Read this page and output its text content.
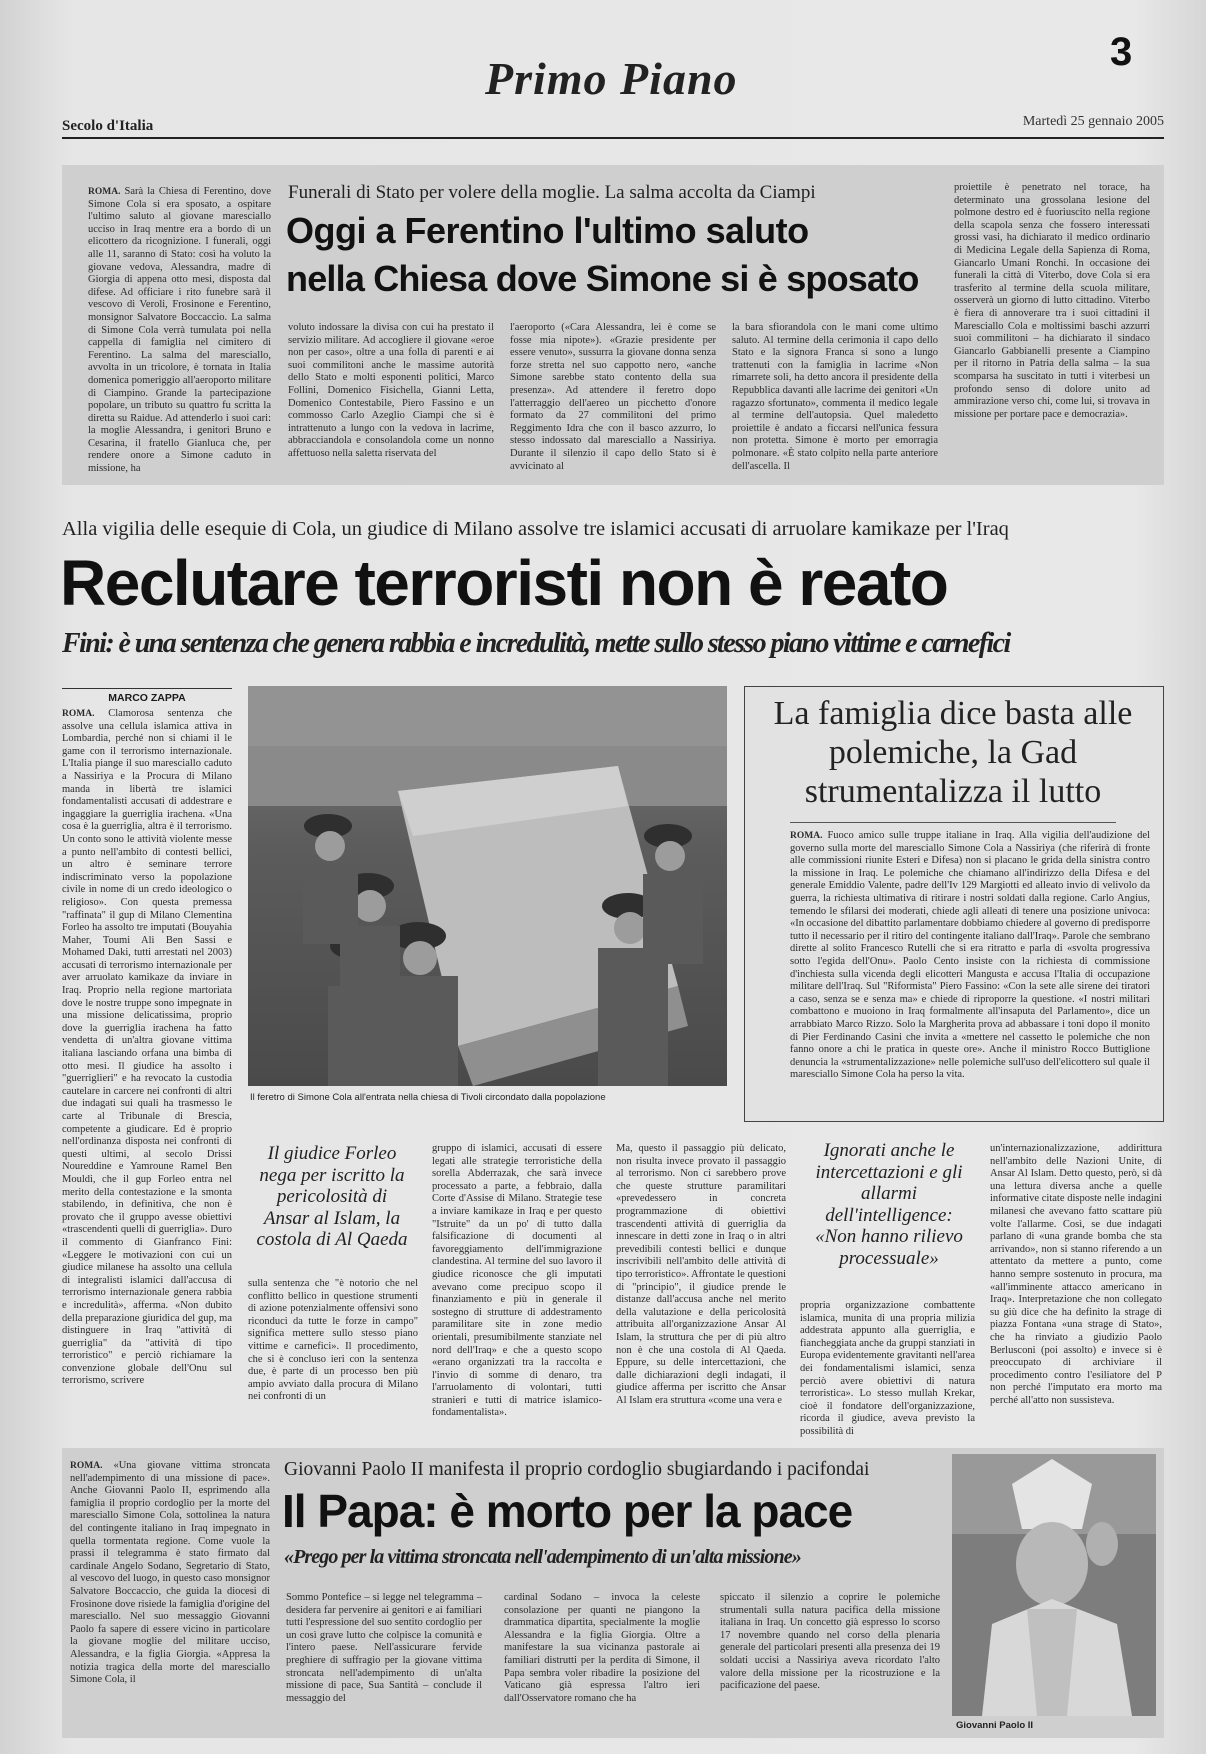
3
Primo Piano
Secolo d'Italia	Martedì 25 gennaio 2005
ROMA. Sarà la Chiesa di Ferentino, dove Simone Cola si era sposato, a ospitare l'ultimo saluto al giovane maresciallo ucciso in Iraq mentre era a bordo di un elicottero da ricognizione. I funerali, oggi alle 11, saranno di Stato: così ha voluto la giovane vedova, Alessandra, madre di Giorgia di appena otto mesi, disposta dal difese. Ad officiare i rito funebre sarà il vescovo di Veroli, Frosinone e Ferentino, monsignor Salvatore Boccaccio. La salma di Simone Cola verrà tumulata poi nella cappella di famiglia nel cimitero di Ferentino. La salma del maresciallo, avvolta in un tricolore, è tornata in Italia domenica pomeriggio all'aeroporto militare di Ciampino. Grande la partecipazione popolare, un tributo su quattro fu scritta la diretta su Raidue. Ad attenderlo i suoi cari: la moglie Alessandra, i genitori Bruno e Cesarina, il fratello Gianluca che, per rendere onore a Simone caduto in missione, ha
Funerali di Stato per volere della moglie. La salma accolta da Ciampi
Oggi a Ferentino l'ultimo saluto
nella Chiesa dove Simone si è sposato
voluto indossare la divisa con cui ha prestato il servizio militare. Ad accogliere il giovane «eroe non per caso», oltre a una folla di parenti e ai suoi commilitoni anche le massime autorità dello Stato e molti esponenti politici, Marco Follini, Domenico Fisichella, Gianni Letta, Domenico Contestabile, Piero Fassino e un commosso Carlo Azeglio Ciampi che si è intrattenuto a lungo con la vedova in lacrime, abbracciandola e consolandola come un nonno affettuoso nella saletta riservata del
l'aeroporto («Cara Alessandra, lei è come se fosse mia nipote»). «Grazie presidente per essere venuto», sussurra la giovane donna senza forze stretta nel suo cappotto nero, «anche Simone sarebbe stato contento della sua presenza». Ad attendere il feretro dopo l'atterraggio dell'aereo un picchetto d'onore formato da 27 commilitoni del primo Reggimento Idra che con il basco azzurro, lo stesso indossato dal maresciallo a Nassiriya. Durante il silenzio il capo dello Stato si è avvicinato al
la bara sfiorandola con le mani come ultimo saluto. Al termine della cerimonia il capo dello Stato e la signora Franca si sono a lungo trattenuti con la famiglia in lacrime «Non rimarrete soli, ha detto ancora il presidente della Repubblica davanti alle lacrime dei genitori «Un ragazzo sfortunato», commenta il medico legale al termine dell'autopsia. Quel maledetto proiettile è andato a ficcarsi nell'unica fessura non protetta. Simone è morto per emorragia polmonare. «È stato colpito nella parte anteriore dell'ascella. Il
proiettile è penetrato nel torace, ha determinato una grossolana lesione del polmone destro ed è fuoriuscito nella regione della scapola senza che fossero interessati grossi vasi, ha dichiarato il medico ordinario di Medicina Legale della Sapienza di Roma, Giancarlo Umani Ronchi. In occasione dei funerali la città di Viterbo, dove Cola si era trasferito al termine della scuola militare, osserverà un giorno di lutto cittadino. Viterbo è fiera di annoverare tra i suoi cittadini il Maresciallo Cola e moltissimi baschi azzurri suoi commilitoni – ha dichiarato il sindaco Giancarlo Gabbianelli presente a Ciampino per il ritorno in Patria della salma – la sua scomparsa ha suscitato in tutti i viterbesi un profondo senso di dolore unito ad ammirazione verso chi, come lui, si trovava in missione per portare pace e democrazia».
Alla vigilia delle esequie di Cola, un giudice di Milano assolve tre islamici accusati di arruolare kamikaze per l'Iraq
Reclutare terroristi non è reato
Fini: è una sentenza che genera rabbia e incredulità, mette sullo stesso piano vittime e carnefici
MARCO ZAPPA
ROMA. Clamorosa sentenza che assolve una cellula islamica attiva in Lombardia, perché non si chiami il le game con il terrorismo internazionale. L'Italia piange il suo maresciallo caduto a Nassiriya e la Procura di Milano manda in libertà tre islamici fondamentalisti accusati di addestrare e ingaggiare la guerriglia irachena. «Una cosa è la guerriglia, altra è il terrorismo. Un conto sono le attività violente messe a punto nell'ambito di contesti bellici, un altro è seminare terrore indiscriminato verso la popolazione civile in nome di un credo ideologico o religioso». Con questa premessa "raffinata" il gup di Milano Clementina Forleo ha assolto tre imputati (Bouyahia Maher, Toumi Ali Ben Sassi e Mohamed Daki, tutti arrestati nel 2003) accusati di terrorismo internazionale per aver arruolato kamikaze da inviare in Iraq. Proprio nella regione martoriata dove le nostre truppe sono impegnate in una missione delicatissima, proprio dove la guerriglia irachena ha fatto vendetta di un'altra giovane vittima italiana lasciando orfana una bimba di otto mesi. Il giudice ha assolto i "guerriglieri" e ha revocato la custodia cautelare in carcere nei confronti di altri due indagati sui quali ha trasmesso le carte al Tribunale di Brescia, competente a giudicare. Ed è proprio nell'ordinanza disposta nei confronti di questi ultimi, al secolo Drissi Noureddine e Yamroune Ramel Ben Mouldi, che il gup Forleo entra nel merito della contestazione e la smonta stabilendo, in definitiva, che non è provato che il gruppo avesse obiettivi «trascendenti quelli di guerriglia». Duro il commento di Gianfranco Fini: «Leggere le motivazioni con cui un giudice milanese ha assolto una cellula di integralisti islamici dall'accusa di terrorismo internazionale genera rabbia e incredulità», afferma. «Non dubito della preparazione giuridica del gup, ma distinguere in Iraq "attività di guerriglia" da "attività di tipo terroristico" e perciò richiamare la convenzione globale dell'Onu sul terrorismo, scrivere
Il feretro di Simone Cola all'entrata nella chiesa di Tivoli circondato dalla popolazione
La famiglia dice basta alle polemiche, la Gad strumentalizza il lutto
ROMA. Fuoco amico sulle truppe italiane in Iraq. Alla vigilia dell'audizione del governo sulla morte del maresciallo Simone Cola a Nassiriya (che riferirà di fronte alle commissioni riunite Esteri e Difesa) non si placano le grida della sinistra contro la missione in Iraq. Le polemiche che chiamano all'indirizzo della Difesa e del generale Emiddio Valente, padre dell'Iv 129 Margiotti ed alleato invio di velivolo da guerra, la richiesta ultimativa di ritirare i nostri soldati dalla regione. Carlo Angius, temendo le sfilarsi dei moderati, chiede agli alleati di tenere una posizione univoca: «In occasione del dibattito parlamentare dobbiamo chiedere al governo di predisporre tutto il necessario per il ritiro del contingente italiano dall'Iraq». Parole che sembrano dirette al solito Francesco Rutelli che si era ritratto e parla di «svolta progressiva sotto l'egida dell'Onu». Paolo Cento insiste con la richiesta di commissione d'inchiesta sulla vicenda degli elicotteri Mangusta e accusa l'Italia di occupazione militare dell'Iraq. Sul "Riformista" Piero Fassino: «Con la sete alle sirene dei tiratori a caso, senza se e senza ma» e chiede di riproporre la questione. «I nostri militari combattono e muoiono in Iraq formalmente all'insaputa del Parlamento», dice un arrabbiato Marco Rizzo. Solo la Margherita prova ad abbassare i toni dopo il monito di Pier Ferdinando Casini che invita a «mettere nel cassetto le polemiche che non fanno onore a chi le pratica in queste ore». Anche il ministro Rocco Buttiglione denuncia la «strumentalizzazione» nelle polemiche sull'uso dell'elicottero sul quale il maresciallo Simone Cola ha perso la vita.
Il giudice Forleo nega per iscritto la pericolosità di Ansar al Islam, la costola di Al Qaeda
Ignorati anche le intercettazioni e gli allarmi dell'intelligence: «Non hanno rilievo processuale»
sulla sentenza che "è notorio che nel conflitto bellico in questione strumenti di azione potenzialmente offensivi sono riconduci da tutte le forze in campo" significa mettere sullo stesso piano vittime e carnefici». Il procedimento, che si è concluso ieri con la sentenza due, è parte di un processo ben più ampio avviato dalla procura di Milano nei confronti di un
gruppo di islamici, accusati di essere legati alle strategie terroristiche della sorella Abderrazak, che sarà invece processato a parte, a febbraio, dalla Corte d'Assise di Milano. Strategie tese a inviare kamikaze in Iraq e per questo "Istruite" da un po' di tutto dalla falsificazione di documenti al favoreggiamento dell'immigrazione clandestina. Al termine del suo lavoro il giudice riconosce che gli imputati avevano come precipuo scopo il finanziamento e più in generale il sostegno di strutture di addestramento paramilitare site in zone medio orientali, presumibilmente stanziate nel nord dell'Iraq» e che a questo scopo «erano organizzati tra la raccolta e l'invio di somme di denaro, tra l'arruolamento di volontari, tutti stranieri e tutti di matrice islamico-fondamentalista».
Ma, questo il passaggio più delicato, non risulta invece provato il passaggio al terrorismo. Non ci sarebbero prove che queste strutture paramilitari «prevedessero in concreta programmazione di obiettivi trascendenti attività di guerriglia da innescare in detti zone in Iraq o in altri prevedibili contesti bellici e dunque inscrivibili nell'ambito delle attività di tipo terroristico». Affrontate le questioni di "principio", il giudice prende le distanze dall'accusa anche nel merito della valutazione e della pericolosità attribuita all'organizzazione Ansar Al Islam, la struttura che per di più altro non è che una costola di Al Qaeda. Eppure, su delle intercettazioni, che dalle dichiarazioni degli indagati, il giudice afferma per iscritto che Ansar Al Islam era struttura «come una vera e
propria organizzazione combattente islamica, munita di una propria milizia addestrata appunto alla guerriglia, e fiancheggiata anche da gruppi stanziati in Europa evidentemente gravitanti nell'area dei fondamentalismi islamici, senza perciò avere obiettivi di natura terroristica». Lo stesso mullah Krekar, cioè il fondatore dell'organizzazione, ricorda il giudice, aveva previsto la possibilità di
un'internazionalizzazione, addirittura nell'ambito delle Nazioni Unite, di Ansar Al Islam. Detto questo, però, si dà una lettura diversa anche a quelle informative citate disposte nelle indagini milanesi che avevano fatto scattare più volte l'allarme. Così, se due indagati parlano di «una grande bomba che sta arrivando», non si stanno riferendo a un attentato da mettere a punto, come hanno sempre sostenuto in procura, ma «all'imminente attacco americano in Iraq». Interpretazione che non collegato su giù dice che ha definito la strage di piazza Fontana «una strage di Stato», che ha rinviato a giudizio Paolo Berlusconi (poi assolto) e invece si è preoccupato di archiviare il procedimento contro l'esiliatore del P non perché l'imputato era morto ma perché all'atto non sussisteva.
ROMA. «Una giovane vittima stroncata nell'adempimento di una missione di pace». Anche Giovanni Paolo II, esprimendo alla famiglia il proprio cordoglio per la morte del maresciallo Simone Cola, sottolinea la natura del contingente italiano in Iraq impegnato in quella tormentata regione. Come vuole la prassi il telegramma è stato firmato dal cardinale Angelo Sodano, Segretario di Stato, al vescovo del luogo, in questo caso monsignor Salvatore Boccaccio, che guida la diocesi di Frosinone dove risiede la famiglia d'origine del maresciallo. Nel suo messaggio Giovanni Paolo fa sapere di essere vicino in particolare la giovane moglie del militare ucciso, Alessandra, e la figlia Giorgia. «Appresa la notizia tragica della morte del maresciallo Simone Cola, il
Giovanni Paolo II manifesta il proprio cordoglio sbugiardando i pacifondai
Il Papa: è morto per la pace
«Prego per la vittima stroncata nell'adempimento di un'alta missione»
Sommo Pontefice – si legge nel telegramma – desidera far pervenire ai genitori e ai familiari tutti l'espressione del suo sentito cordoglio per un così grave lutto che colpisce la comunità e l'intero paese. Nell'assicurare fervide preghiere di suffragio per la giovane vittima stroncata nell'adempimento di un'alta missione di pace, Sua Santità – conclude il messaggio del
cardinal Sodano – invoca la celeste consolazione per quanti ne piangono la drammatica dipartita, specialmente la moglie Alessandra e la figlia Giorgia. Oltre a manifestare la sua vicinanza pastorale ai familiari distrutti per la perdita di Simone, il Papa sembra voler ribadire la posizione del Vaticano già espressa l'altro ieri dall'Osservatore romano che ha
spiccato il silenzio a coprire le polemiche strumentali sulla natura pacifica della missione italiana in Iraq. Un concetto già espresso lo scorso 17 novembre quando nel corso della plenaria generale del particolari presenti alla presenza dei 19 soldati uccisi a Nassiriya aveva ricordato l'alto valore della missione per la ricostruzione e la pacificazione del paese.
Giovanni Paolo II
